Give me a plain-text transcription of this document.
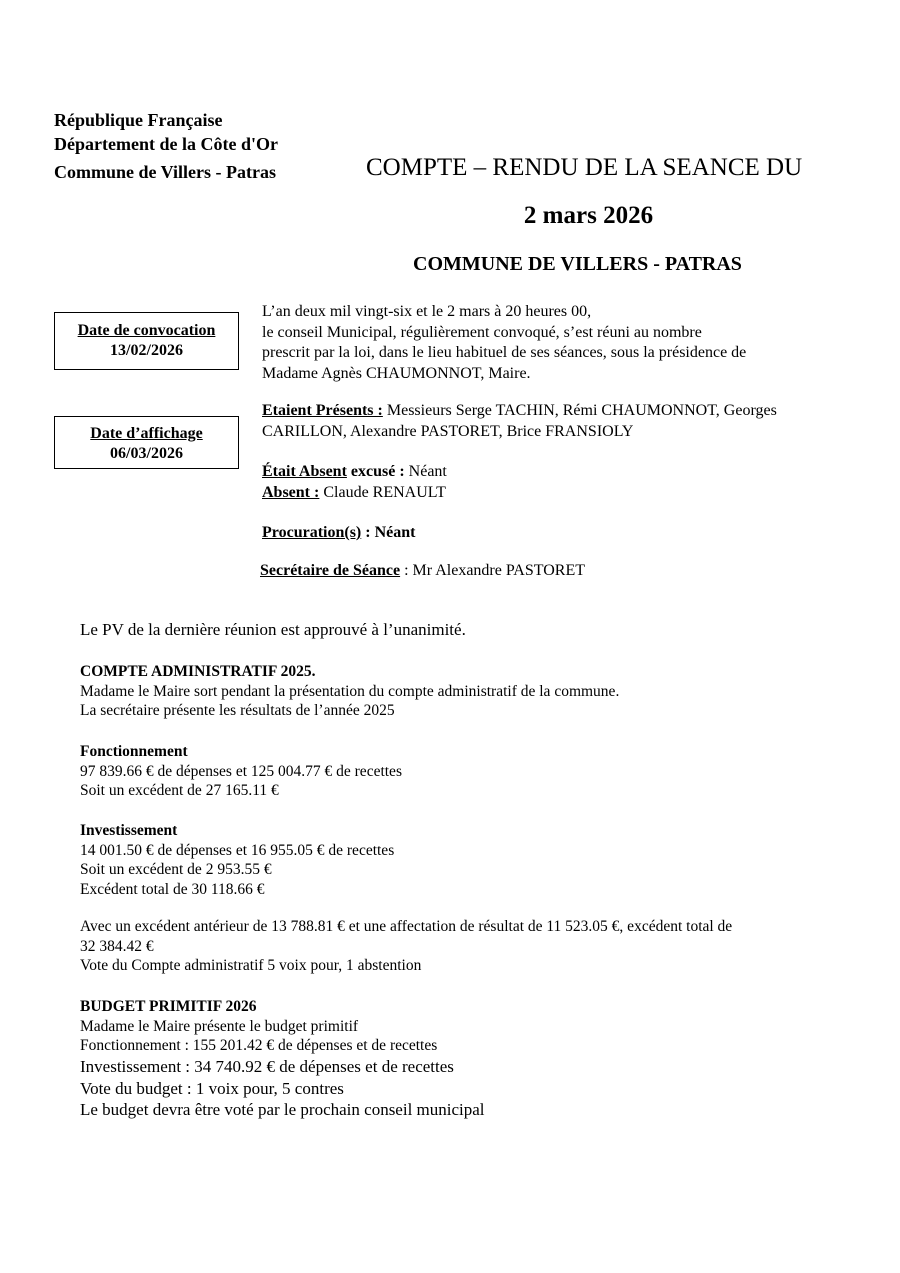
République Française
Département de la Côte d'Or
Commune de Villers - Patras	COMPTE – RENDU DE LA SEANCE DU
2 mars 2026
COMMUNE DE VILLERS - PATRAS
Date de convocation
13/02/2026
Date d’affichage
06/03/2026
L’an deux mil vingt-six et le 2 mars à 20 heures 00,
le conseil Municipal, régulièrement convoqué, s’est réuni au nombre
prescrit par la loi, dans le lieu habituel de ses séances, sous la présidence de
Madame Agnès CHAUMONNOT, Maire.
Etaient Présents : Messieurs Serge TACHIN, Rémi CHAUMONNOT, Georges
CARILLON, Alexandre PASTORET, Brice FRANSIOLY
Était Absent excusé : Néant
Absent : Claude RENAULT
Procuration(s) : Néant
Secrétaire de Séance : Mr Alexandre PASTORET
Le PV de la dernière réunion est approuvé à l’unanimité.
COMPTE ADMINISTRATIF 2025.
Madame le Maire sort pendant la présentation du compte administratif de la commune.
La secrétaire présente les résultats de l’année 2025
Fonctionnement
97 839.66 € de dépenses et 125 004.77 € de recettes
Soit un excédent de 27 165.11 €
Investissement
14 001.50 € de dépenses et 16 955.05 € de recettes
Soit un excédent de 2 953.55 €
Excédent total de 30 118.66 €
Avec un excédent antérieur de 13 788.81 € et une affectation de résultat de 11 523.05 €, excédent total de
32 384.42 €
Vote du Compte administratif 5 voix pour, 1 abstention
BUDGET PRIMITIF 2026
Madame le Maire présente le budget primitif
Fonctionnement : 155 201.42 € de dépenses et de recettes
Investissement : 34 740.92 € de dépenses et de recettes
Vote du budget : 1 voix pour, 5 contres
Le budget devra être voté par le prochain conseil municipal
